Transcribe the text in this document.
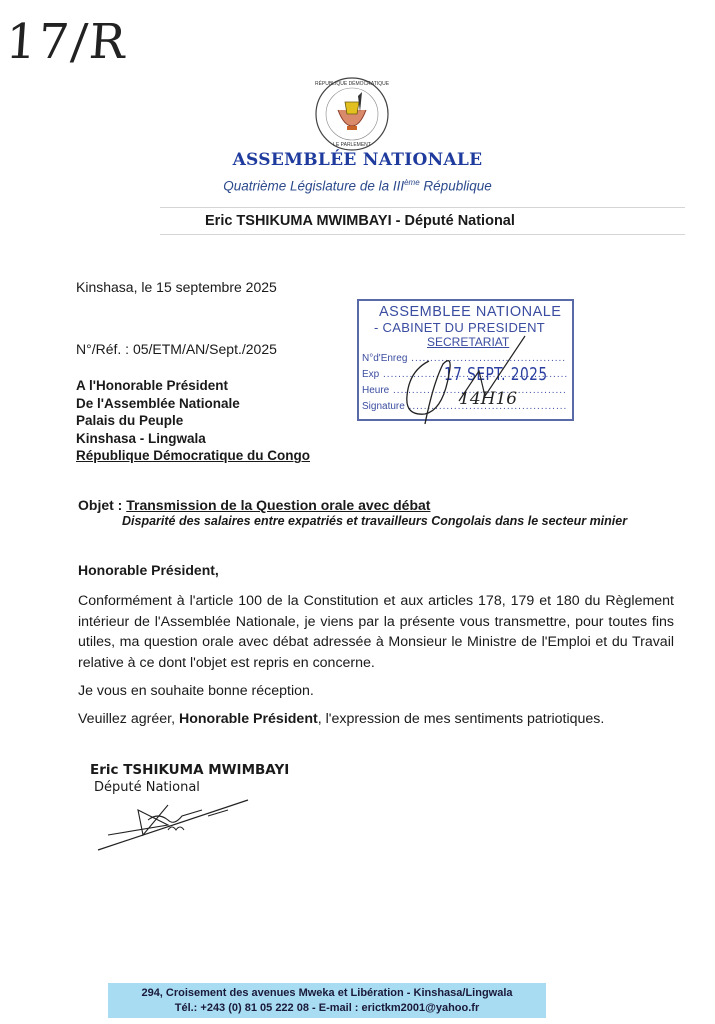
17/R
RÉPUBLIQUE DÉMOCRATIQUE
LE PARLEMENT
ASSEMBLÉE NATIONALE
Quatrième Législature de la IIIème République
Eric TSHIKUMA MWIMBAYI - Député National
Kinshasa, le 15 septembre 2025
N°/Réf. : 05/ETM/AN/Sept./2025
A l'Honorable Président
De l'Assemblée Nationale
Palais du Peuple
Kinshasa - Lingwala
République Démocratique du Congo
ASSEMBLEE NATIONALE
- CABINET DU PRESIDENT
SECRETARIAT
N°d'Enreg .....
Exp .....
Heure .....
Signature .....
17 SEPT. 2025
14H16
Objet : Transmission de la Question orale avec débat
Disparité des salaires entre expatriés et travailleurs Congolais dans le secteur minier
Honorable Président,
Conformément à l'article 100 de la Constitution et aux articles 178, 179 et 180 du Règlement intérieur de l'Assemblée Nationale, je viens par la présente vous transmettre, pour toutes fins utiles, ma question orale avec débat adressée à Monsieur le Ministre de l'Emploi et du Travail relative à ce dont l'objet est repris en concerne.
Je vous en souhaite bonne réception.
Veuillez agréer, Honorable Président, l'expression de mes sentiments patriotiques.
Eric TSHIKUMA MWIMBAYI
Député National
294, Croisement des avenues Mweka et Libération - Kinshasa/Lingwala
Tél.: +243 (0) 81 05 222 08 - E-mail : erictkm2001@yahoo.fr
